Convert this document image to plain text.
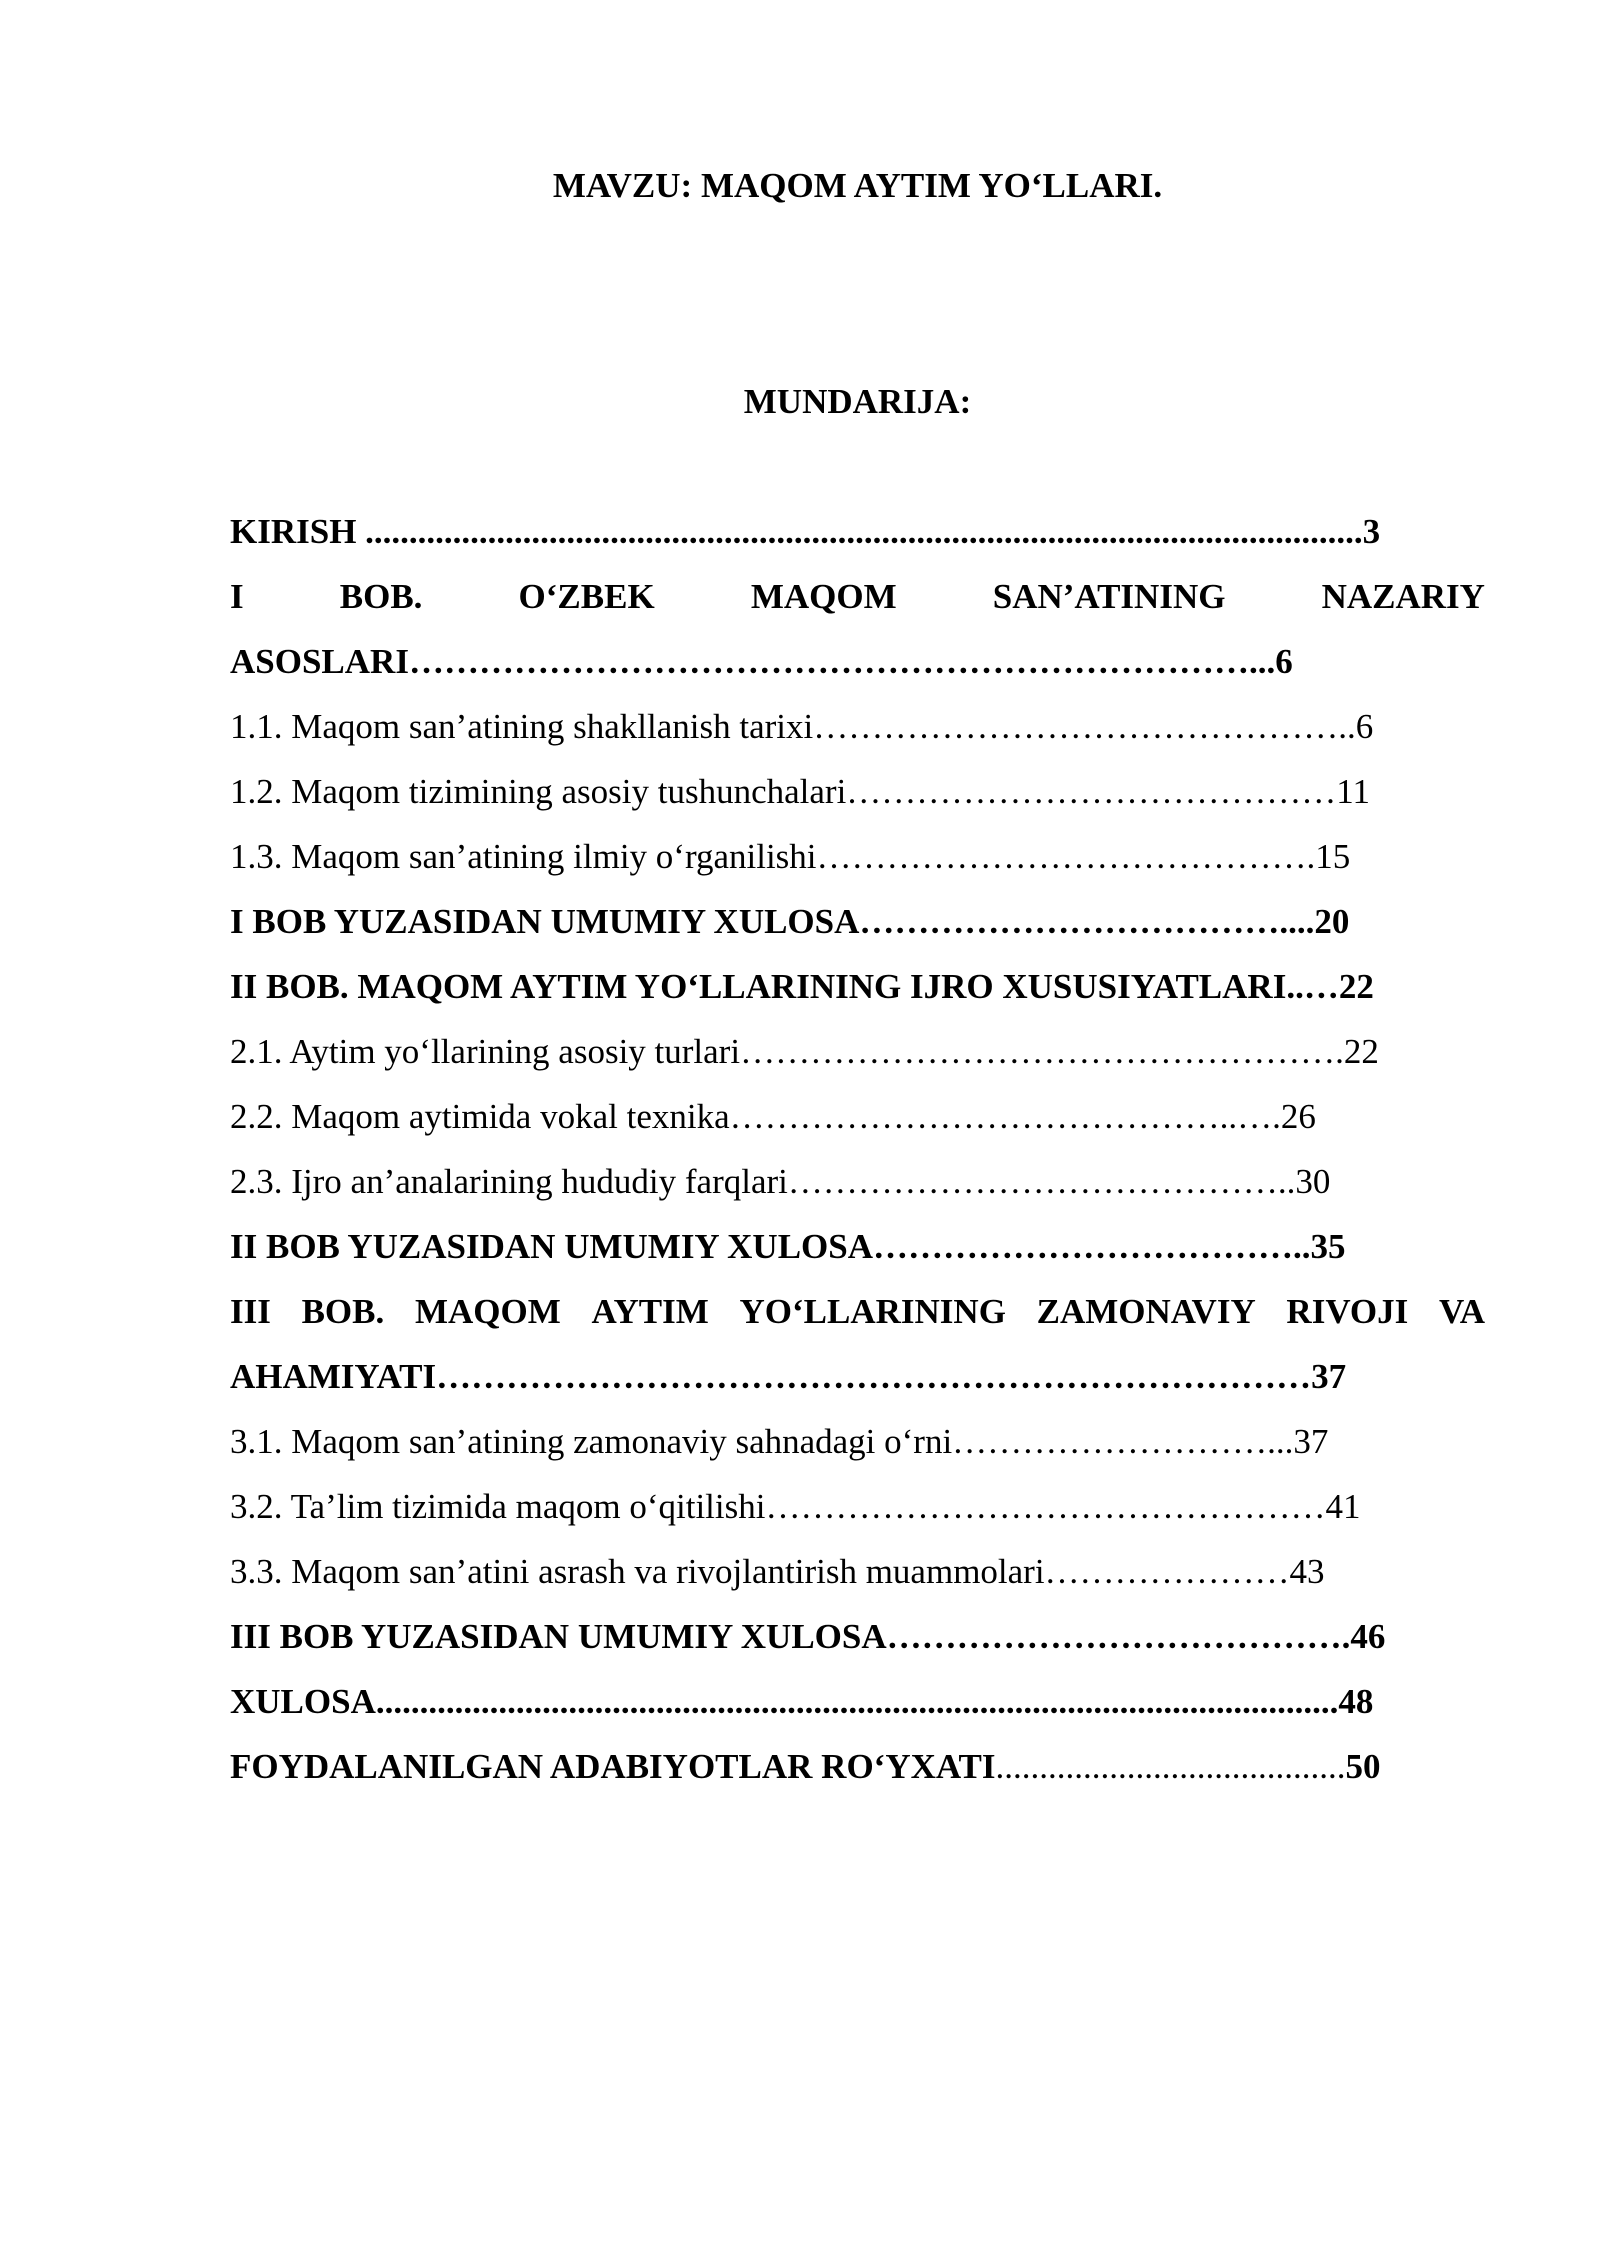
MAVZU: MAQOM AYTIM YO‘LLARI.
MUNDARIJA:
KIRISH ..................................................................................................................3
I	BOB.	O‘ZBEK	MAQOM	SAN’ATINING	NAZARIY
ASOSLARI………………………………………………………………...6
1.1. Maqom san’atining shakllanish tarixi………………………………………..6
1.2. Maqom tizimining asosiy tushunchalari……………………………………11
1.3. Maqom san’atining ilmiy o‘rganilishi…………………………………….15
I BOB YUZASIDAN UMUMIY XULOSA………………………………....20
II BOB. MAQOM AYTIM YO‘LLARINING IJRO XUSUSIYATLARI..…22
2.1. Aytim yo‘llarining asosiy turlari…………………………………………….22
2.2. Maqom aytimida vokal texnika……………………………………..….26
2.3. Ijro an’analarining hududiy farqlari……………………………………..30
II BOB YUZASIDAN UMUMIY XULOSA………………………………..35
III BOB. MAQOM AYTIM YO‘LLARINING ZAMONAVIY RIVOJI VA
AHAMIYATI…………………………………………………………………37
3.1. Maqom san’atining zamonaviy sahnadagi o‘rni………………………...37
3.2. Ta’lim tizimida maqom o‘qitilishi…………………………………………41
3.3. Maqom san’atini asrash va rivojlantirish muammolari…………………43
III BOB YUZASIDAN UMUMIY XULOSA………………………………….46
XULOSA..............................................................................................................48
FOYDALANILGAN ADABIYOTLAR RO‘YXATI........................................50
